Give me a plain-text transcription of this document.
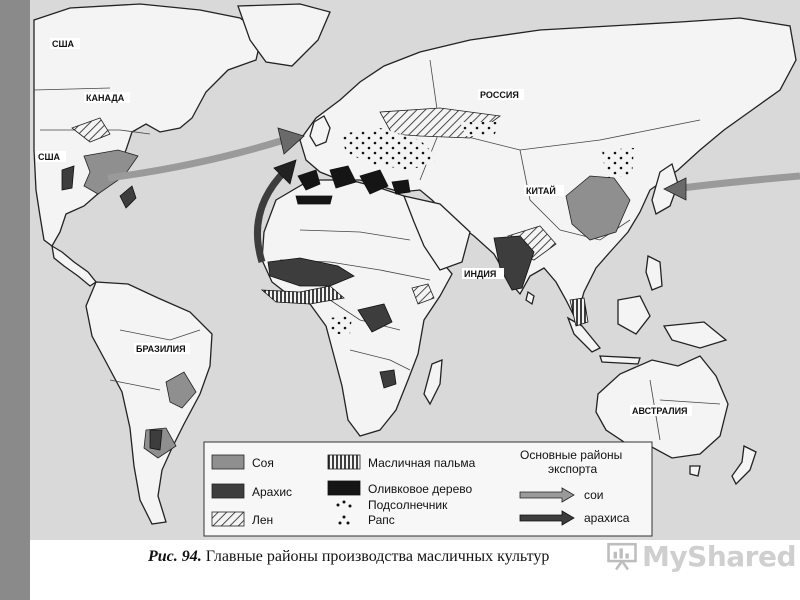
США
КАНАДА
США
РОССИЯ
КИТАЙ
ИНДИЯ
БРАЗИЛИЯ
АВСТРАЛИЯ
Соя
Арахис
Лен
Масличная пальма
Оливковое дерево
Подсолнечник
Рапс
Основные районы
экспорта
сои
арахиса
Рис. 94. Главные районы производства масличных культур	MyShared
